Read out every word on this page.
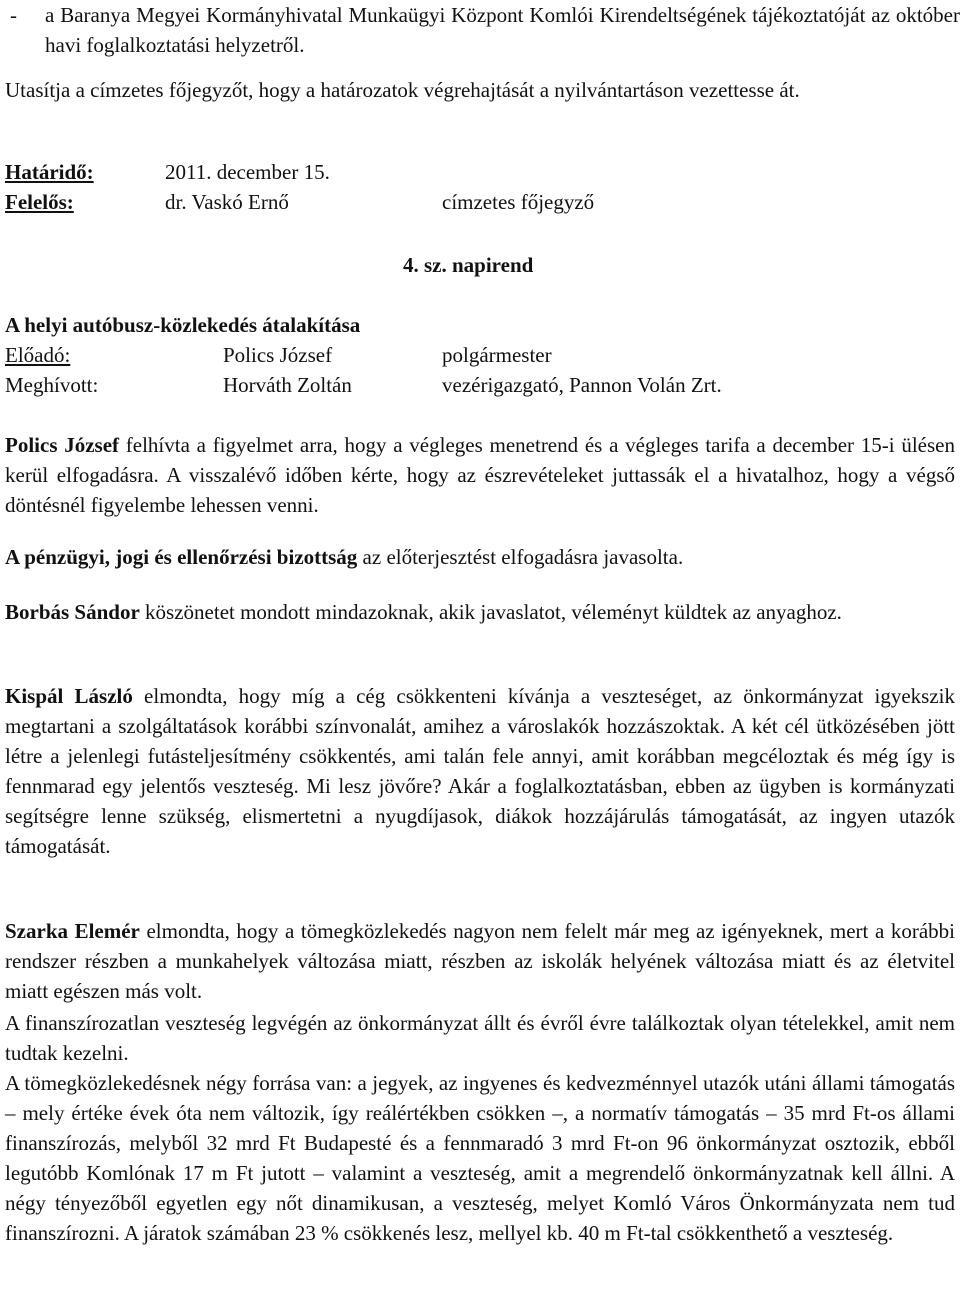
- a Baranya Megyei Kormányhivatal Munkaügyi Központ Komlói Kirendeltségének tájékoztatóját az október havi foglalkoztatási helyzetről.

Utasítja a címzetes főjegyzőt, hogy a határozatok végrehajtását a nyilvántartáson vezettesse át.

Határidő:	2011. december 15.
Felelős:	dr. Vaskó Ernő	címzetes főjegyző
4. sz. napirend
A helyi autóbusz-közlekedés átalakítása
Előadó:	Polics József	polgármester
Meghívott:	Horváth Zoltán	vezérigazgató, Pannon Volán Zrt.

Polics József felhívta a figyelmet arra, hogy a végleges menetrend és a végleges tarifa a december 15-i ülésen kerül elfogadásra. A visszalévő időben kérte, hogy az észrevételeket juttassák el a hivatalhoz, hogy a végső döntésnél figyelembe lehessen venni.

A pénzügyi, jogi és ellenőrzési bizottság az előterjesztést elfogadásra javasolta.

Borbás Sándor köszönetet mondott mindazoknak, akik javaslatot, véleményt küldtek az anyaghoz.

Kispál László elmondta, hogy míg a cég csökkenteni kívánja a veszteséget, az önkormányzat igyekszik megtartani a szolgáltatások korábbi színvonalát, amihez a városlakók hozzászoktak. A két cél ütközésében jött létre a jelenlegi futásteljesítmény csökkentés, ami talán fele annyi, amit korábban megcéloztak és még így is fennmarad egy jelentős veszteség. Mi lesz jövőre? Akár a foglalkoztatásban, ebben az ügyben is kormányzati segítségre lenne szükség, elismertetni a nyugdíjasok, diákok hozzájárulás támogatását, az ingyen utazók támogatását.

Szarka Elemér elmondta, hogy a tömegközlekedés nagyon nem felelt már meg az igényeknek, mert a korábbi rendszer részben a munkahelyek változása miatt, részben az iskolák helyének változása miatt és az életvitel miatt egészen más volt.

A finanszírozatlan veszteség legvégén az önkormányzat állt és évről évre találkoztak olyan tételekkel, amit nem tudtak kezelni.

A tömegközlekedésnek négy forrása van: a jegyek, az ingyenes és kedvezménnyel utazók utáni állami támogatás – mely értéke évek óta nem változik, így reálértékben csökken –, a normatív támogatás – 35 mrd Ft-os állami finanszírozás, melyből 32 mrd Ft Budapesté és a fennmaradó 3 mrd Ft-on 96 önkormányzat osztozik, ebből legutóbb Komlónak 17 m Ft jutott – valamint a veszteség, amit a megrendelő önkormányzatnak kell állni. A négy tényezőből egyetlen egy nőt dinamikusan, a veszteség, melyet Komló Város Önkormányzata nem tud finanszírozni. A járatok számában 23 % csökkenés lesz, mellyel kb. 40 m Ft-tal csökkenthető a veszteség.
